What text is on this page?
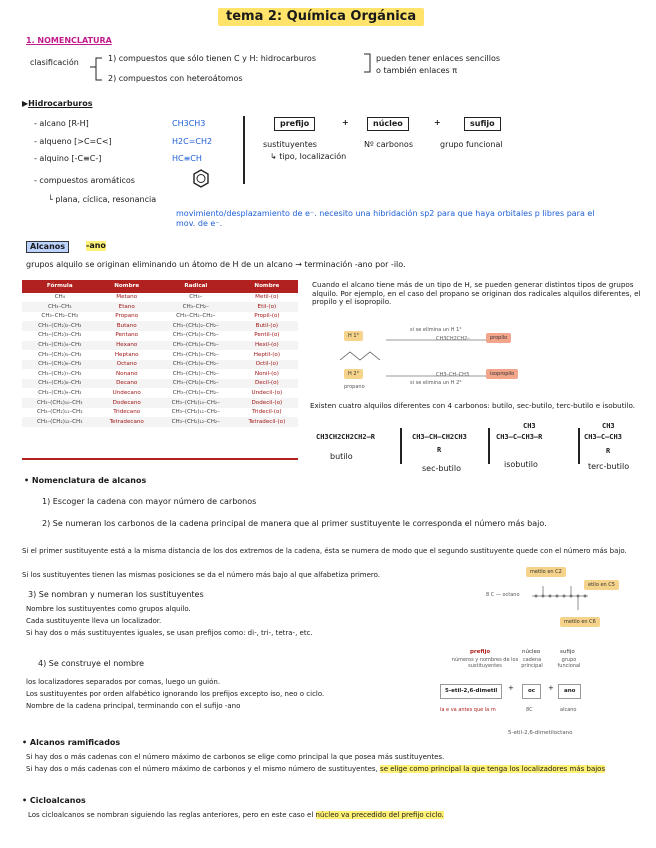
tema 2: Química Orgánica
1. NOMENCLATURA
clasificación	1) compuestos que sólo tienen C y H: hidrocarburos
2) compuestos con heteroátomos
pueden tener enlaces sencillos
o también enlaces π
▶Hidrocarburos
- alcano [R-H]	CH3CH3
- alqueno [>C=C<]	H2C=CH2
- alquino [-C≡C-]	HC≡CH
- compuestos aromáticos
└ plana, cíclica, resonancia
movimiento/desplazamiento de e⁻. necesito una hibridación sp2 para que haya orbitales p libres para el mov. de e⁻.
prefijo	+	núcleo	+	sufijo
sustituyentes
↳ tipo, localización
Nº carbonos	grupo funcional
Alcanos	-ano
grupos alquilo se originan eliminando un átomo de H de un alcano → terminación -ano por -ilo.
Fórmula	Nombre	Radical	Nombre
CH₄	Metano	CH₃–	Metil-(o)
CH₃–CH₃	Etano	CH₃–CH₂–	Etil-(o)
CH₃–CH₂–CH₃	Propano	CH₃–CH₂–CH₂–	Propil-(o)
CH₃–(CH₂)₂–CH₃	Butano	CH₃–(CH₂)₂–CH₂–	Butil-(o)
CH₃–(CH₂)₃–CH₃	Pentano	CH₃–(CH₂)₃–CH₂–	Pentil-(o)
CH₃–(CH₂)₄–CH₃	Hexano	CH₃–(CH₂)₄–CH₂–	Hexil-(o)
CH₃–(CH₂)₅–CH₃	Heptano	CH₃–(CH₂)₅–CH₂–	Heptil-(o)
CH₃–(CH₂)₆–CH₃	Octano	CH₃–(CH₂)₆–CH₂–	Octil-(o)
CH₃–(CH₂)₇–CH₃	Nonano	CH₃–(CH₂)₇–CH₂–	Nonil-(o)
CH₃–(CH₂)₈–CH₃	Decano	CH₃–(CH₂)₈–CH₂–	Decil-(o)
CH₃–(CH₂)₉–CH₃	Undecano	CH₃–(CH₂)₉–CH₂–	Undecil-(o)
CH₃–(CH₂)₁₀–CH₃	Dodecano	CH₃–(CH₂)₁₀–CH₂–	Dodecil-(o)
CH₃–(CH₂)₁₁–CH₃	Tridecano	CH₃–(CH₂)₁₁–CH₂–	Tridecil-(o)
CH₃–(CH₂)₁₂–CH₃	Tetradecano	CH₃–(CH₂)₁₂–CH₂–	Tetradecil-(o)
Cuando el alcano tiene más de un tipo de H, se pueden generar distintos tipos de grupos alquilo. Por ejemplo, en el caso del propano se originan dos radicales alquilos diferentes, el propilo y el isopropilo.
H 1°
H 2°
propano
si se elimina un H 1°
si se elimina un H 2°
CH3CH2CH2–
CH3–CH–CH3
propilo
isopropilo
Existen cuatro alquilos diferentes con 4 carbonos: butilo, sec-butilo, terc-butilo e isobutilo.
CH3CH2CH2CH2–R
butilo
CH3–CH–CH2CH3
R
sec-butilo
CH3
CH3–C–CH3–R
isobutilo
CH3
CH3–C–CH3
R
terc-butilo
• Nomenclatura de alcanos
1) Escoger la cadena con mayor número de carbonos
2) Se numeran los carbonos de la cadena principal de manera que al primer sustituyente le corresponda el número más bajo.
Si el primer sustituyente está a la misma distancia de los dos extremos de la cadena, ésta se numera de modo que el segundo sustituyente quede con el número más bajo.
Si los sustituyentes tienen las mismas posiciones se da el número más bajo al que alfabetiza primero.
3) Se nombran y numeran los sustituyentes
Nombre los sustituyentes como grupos alquilo.
Cada sustituyente lleva un localizador.
Si hay dos o más sustituyentes iguales, se usan prefijos como: di-, tri-, tetra-, etc.
metilo en C2
etilo en C5
8 C — octano
metilo en C6
4) Se construye el nombre
los localizadores separados por comas, luego un guión.
Los sustituyentes por orden alfabético ignorando los prefijos excepto iso, neo o ciclo.
Nombre de la cadena principal, terminando con el sufijo -ano
prefijo
números y nombres de los sustituyentes
núcleo
cadena principal
sufijo
grupo funcional
5-etil-2,6-dimetil	+	oc	+	ano
la e va antes que la m	8C	alcano
5-etil-2,6-dimetiloctano
• Alcanos ramificados
Si hay dos o más cadenas con el número máximo de carbonos se elige como principal la que posea más sustituyentes.
Si hay dos o más cadenas con el número máximo de carbonos y el mismo número de sustituyentes, se elige como principal la que tenga los localizadores más bajos
• Cicloalcanos
Los cicloalcanos se nombran siguiendo las reglas anteriores, pero en este caso el núcleo va precedido del prefijo ciclo.
